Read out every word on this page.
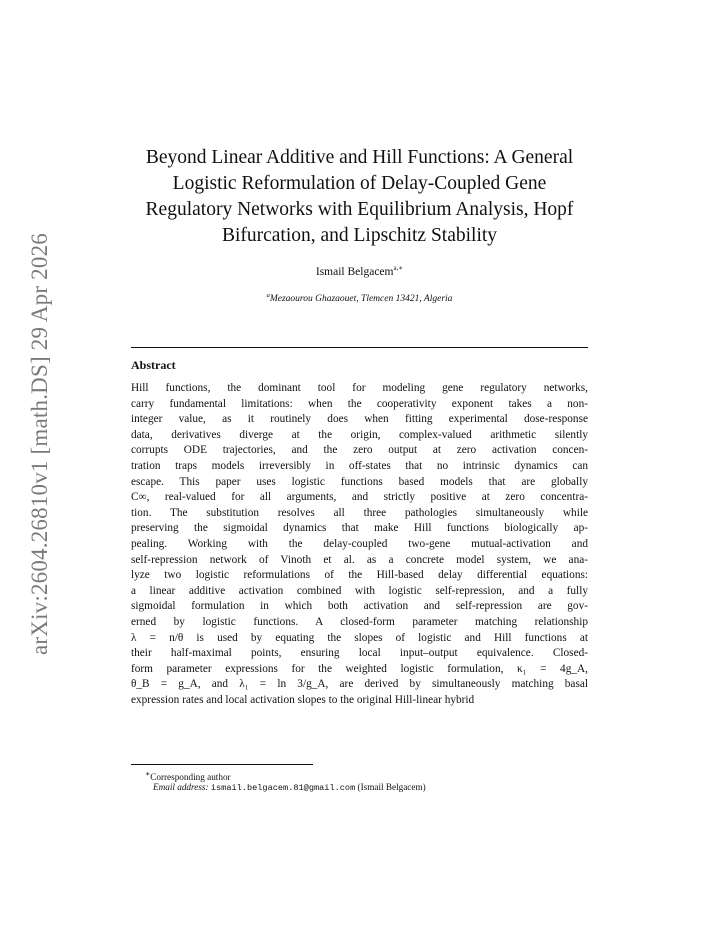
arXiv:2604.26810v1 [math.DS] 29 Apr 2026
Beyond Linear Additive and Hill Functions: A General
Logistic Reformulation of Delay-Coupled Gene
Regulatory Networks with Equilibrium Analysis, Hopf
Bifurcation, and Lipschitz Stability
Ismail Belgacem$^{a,∗}$
$^a$Mezaourou Ghazaouet, Tlemcen 13421, Algeria
Abstract
Hill functions, the dominant tool for modeling gene regulatory networks,
carry fundamental limitations: when the cooperativity exponent takes a non-
integer value, as it routinely does when fitting experimental dose-response
data, derivatives diverge at the origin, complex-valued arithmetic silently
corrupts ODE trajectories, and the zero output at zero activation concen-
tration traps models irreversibly in off-states that no intrinsic dynamics can
escape. This paper uses logistic functions based models that are globally
C∞, real-valued for all arguments, and strictly positive at zero concentra-
tion. The substitution resolves all three pathologies simultaneously while
preserving the sigmoidal dynamics that make Hill functions biologically ap-
pealing. Working with the delay-coupled two-gene mutual-activation and
self-repression network of Vinoth et al. as a concrete model system, we ana-
lyze two logistic reformulations of the Hill-based delay differential equations:
a linear additive activation combined with logistic self-repression, and a fully
sigmoidal formulation in which both activation and self-repression are gov-
erned by logistic functions. A closed-form parameter matching relationship
λ = n/θ is used by equating the slopes of logistic and Hill functions at
their half-maximal points, ensuring local input–output equivalence. Closed-
form parameter expressions for the weighted logistic formulation, κ₁ = 4g_A,
θ_B = g_A, and λ₁ = ln 3/g_A, are derived by simultaneously matching basal
expression rates and local activation slopes to the original Hill-linear hybrid
∗Corresponding author
Email address: ismail.belgacem.81@gmail.com (Ismail Belgacem)
